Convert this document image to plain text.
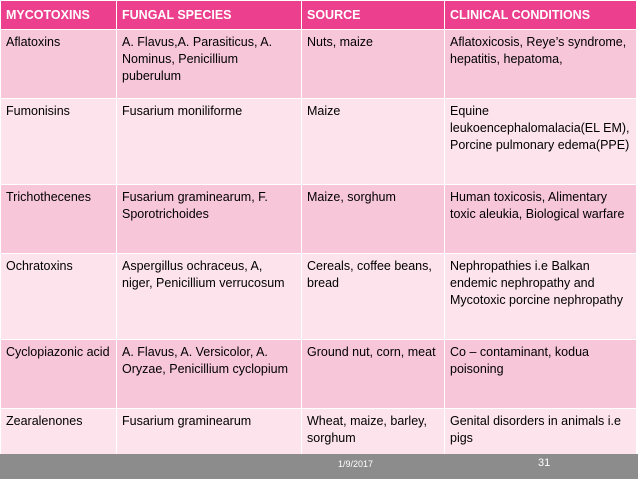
MYCOTOXINS	FUNGAL SPECIES	SOURCE	CLINICAL CONDITIONS
Aflatoxins	A. Flavus,A. Parasiticus, A. Nominus, Penicillium puberulum	Nuts, maize	Aflatoxicosis, Reye’s syndrome, hepatitis, hepatoma,
Fumonisins	Fusarium moniliforme	Maize	Equine leukoencephalomalacia(EL EM), Porcine pulmonary edema(PPE)
Trichothecenes	Fusarium graminearum, F. Sporotrichoides	Maize, sorghum	Human toxicosis, Alimentary toxic aleukia, Biological warfare
Ochratoxins	Aspergillus ochraceus, A, niger, Penicillium verrucosum	Cereals, coffee beans, bread	Nephropathies i.e Balkan endemic nephropathy and Mycotoxic porcine nephropathy
Cyclopiazonic acid	A. Flavus, A. Versicolor, A. Oryzae, Penicillium cyclopium	Ground nut, corn, meat	Co – contaminant, kodua poisoning
Zearalenones	Fusarium graminearum	Wheat, maize, barley, sorghum	Genital disorders in animals i.e pigs
1/9/2017	31
